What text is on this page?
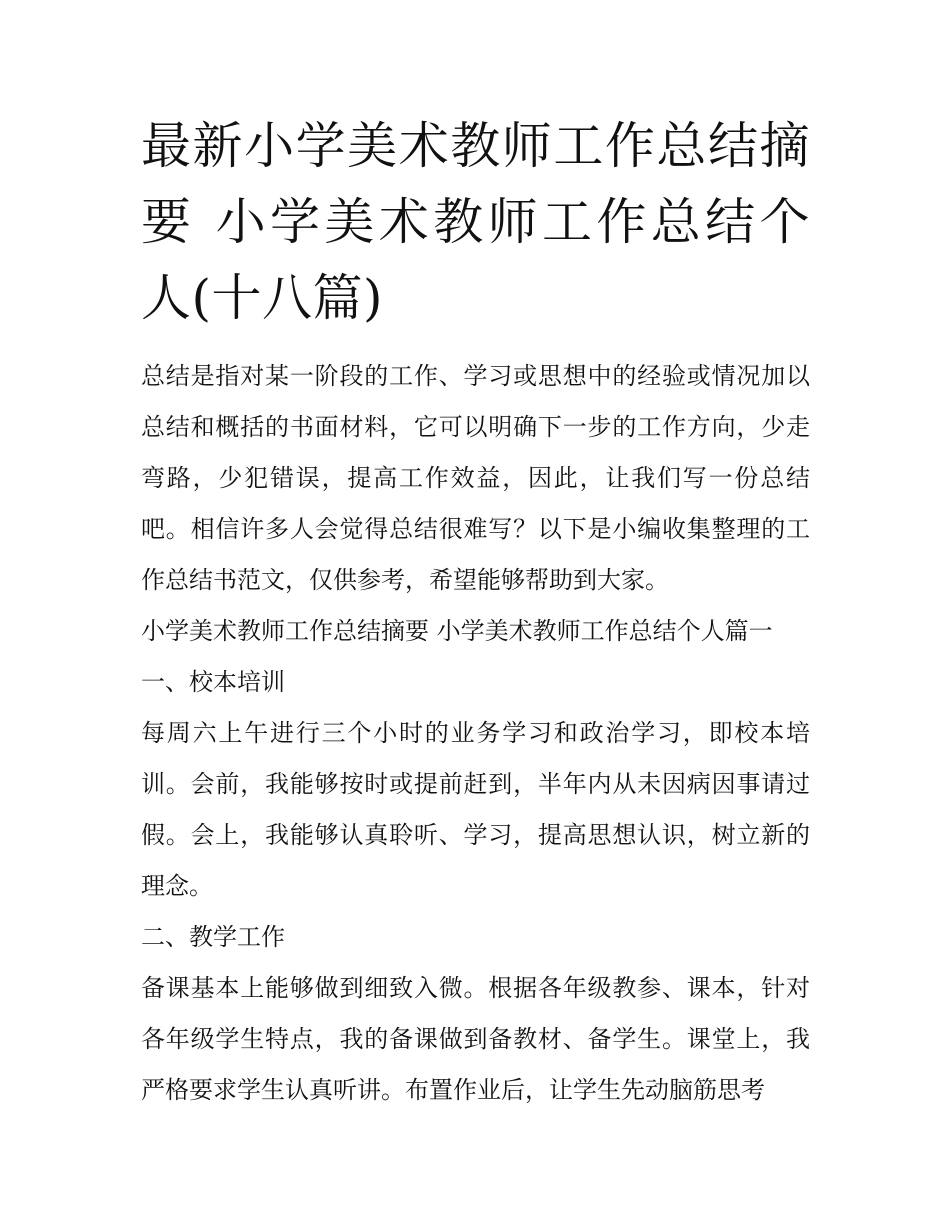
最新小学美术教师工作总结摘要 小学美术教师工作总结个人(十八篇)

总结是指对某一阶段的工作、学习或思想中的经验或情况加以总结和概括的书面材料，它可以明确下一步的工作方向，少走弯路，少犯错误，提高工作效益，因此，让我们写一份总结吧。相信许多人会觉得总结很难写？以下是小编收集整理的工作总结书范文，仅供参考，希望能够帮助到大家。

小学美术教师工作总结摘要 小学美术教师工作总结个人篇一

一、校本培训

每周六上午进行三个小时的业务学习和政治学习，即校本培训。会前，我能够按时或提前赶到，半年内从未因病因事请过假。会上，我能够认真聆听、学习，提高思想认识，树立新的理念。

二、教学工作

备课基本上能够做到细致入微。根据各年级教参、课本，针对各年级学生特点，我的备课做到备教材、备学生。课堂上，我严格要求学生认真听讲。布置作业后，让学生先动脑筋思考
